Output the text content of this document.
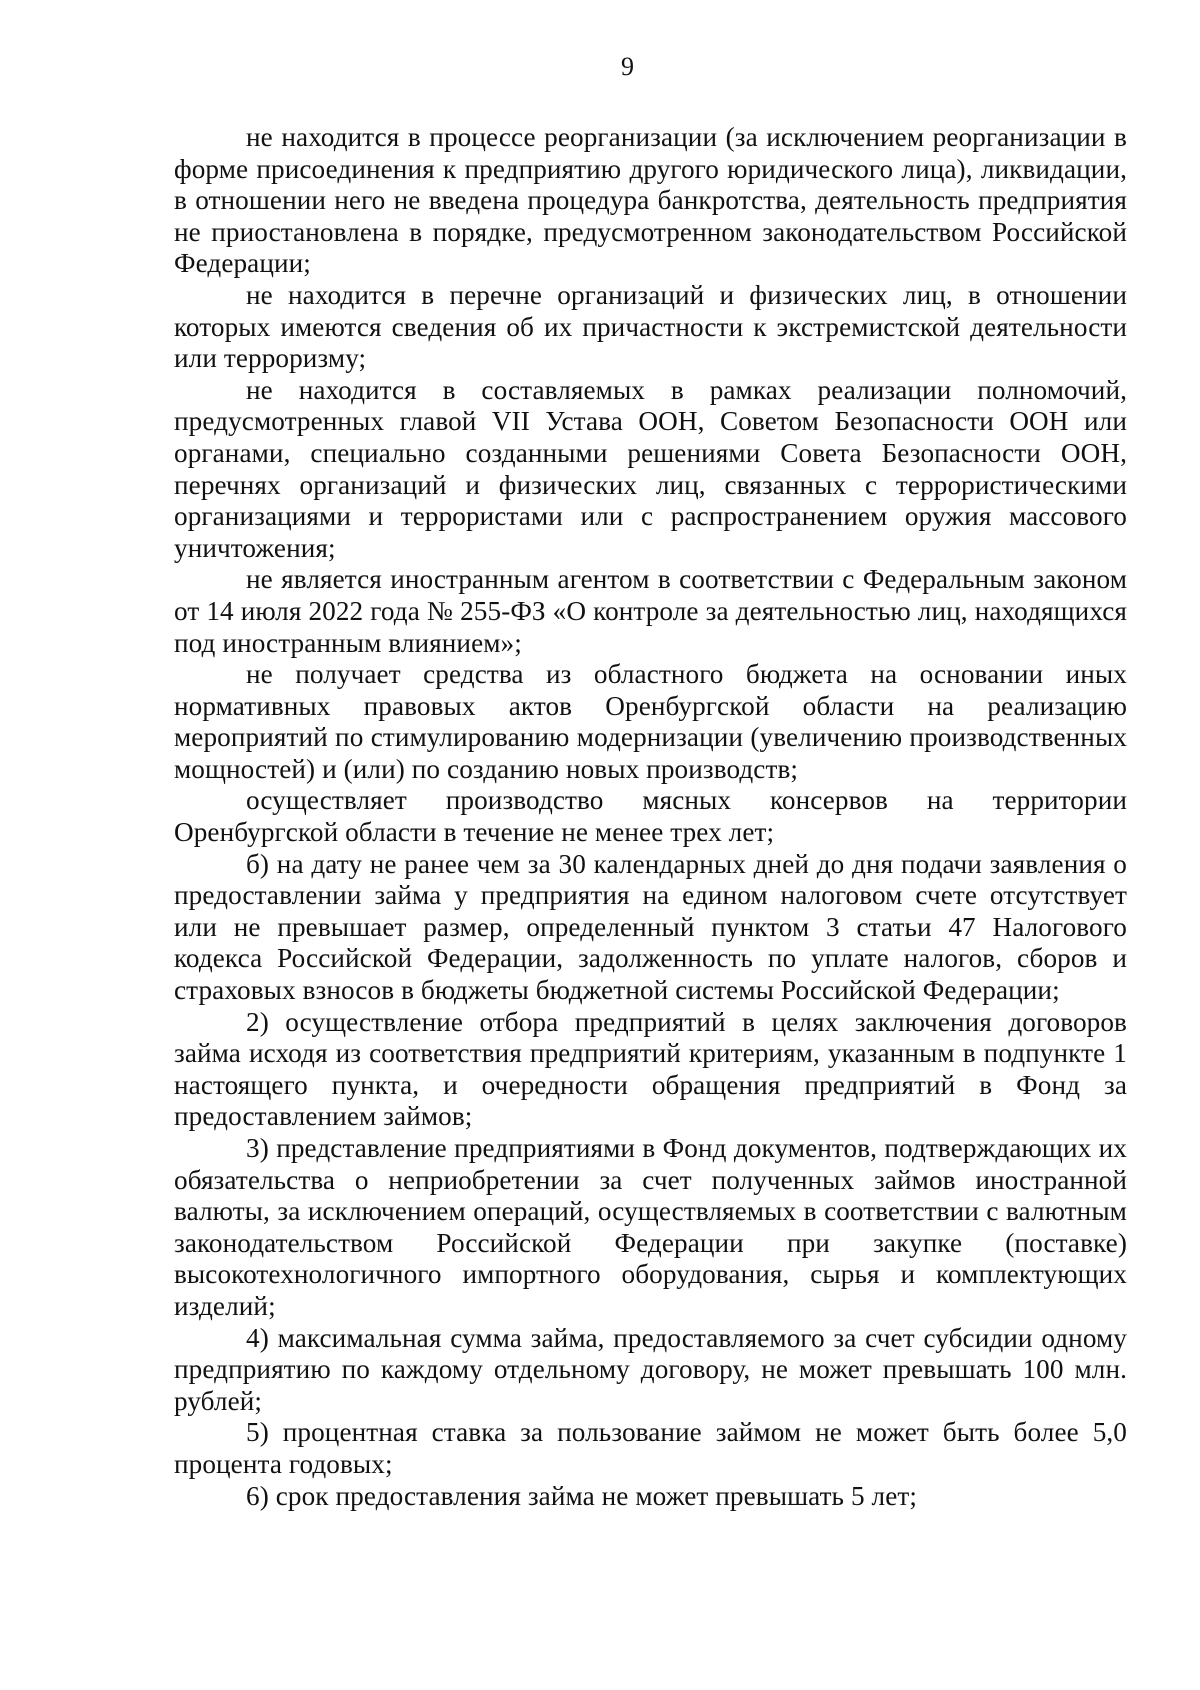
9

не находится в процессе реорганизации (за исключением реорганизации в форме присоединения к предприятию другого юридического лица), ликвидации, в отношении него не введена процедура банкротства, деятельность предприятия не приостановлена в порядке, предусмотренном законодательством Российской Федерации;

не находится в перечне организаций и физических лиц, в отношении которых имеются сведения об их причастности к экстремистской деятельности или терроризму;

не находится в составляемых в рамках реализации полномочий, предусмотренных главой VII Устава ООН, Советом Безопасности ООН или органами, специально созданными решениями Совета Безопасности ООН, перечнях организаций и физических лиц, связанных с террористическими организациями и террористами или с распространением оружия массового уничтожения;

не является иностранным агентом в соответствии с Федеральным законом от 14 июля 2022 года № 255-ФЗ «О контроле за деятельностью лиц, находящихся под иностранным влиянием»;

не получает средства из областного бюджета на основании иных нормативных правовых актов Оренбургской области на реализацию мероприятий по стимулированию модернизации (увеличению производственных мощностей) и (или) по созданию новых производств;

осуществляет производство мясных консервов на территории Оренбургской области в течение не менее трех лет;

б) на дату не ранее чем за 30 календарных дней до дня подачи заявления о предоставлении займа у предприятия на едином налоговом счете отсутствует или не превышает размер, определенный пунктом 3 статьи 47 Налогового кодекса Российской Федерации, задолженность по уплате налогов, сборов и страховых взносов в бюджеты бюджетной системы Российской Федерации;

2) осуществление отбора предприятий в целях заключения договоров займа исходя из соответствия предприятий критериям, указанным в подпункте 1 настоящего пункта, и очередности обращения предприятий в Фонд за предоставлением займов;

3) представление предприятиями в Фонд документов, подтверждающих их обязательства о неприобретении за счет полученных займов иностранной валюты, за исключением операций, осуществляемых в соответствии с валютным законодательством Российской Федерации при закупке (поставке) высокотехнологичного импортного оборудования, сырья и комплектующих изделий;

4) максимальная сумма займа, предоставляемого за счет субсидии одному предприятию по каждому отдельному договору, не может превышать 100 млн. рублей;

5) процентная ставка за пользование займом не может быть более 5,0 процента годовых;

6) срок предоставления займа не может превышать 5 лет;
